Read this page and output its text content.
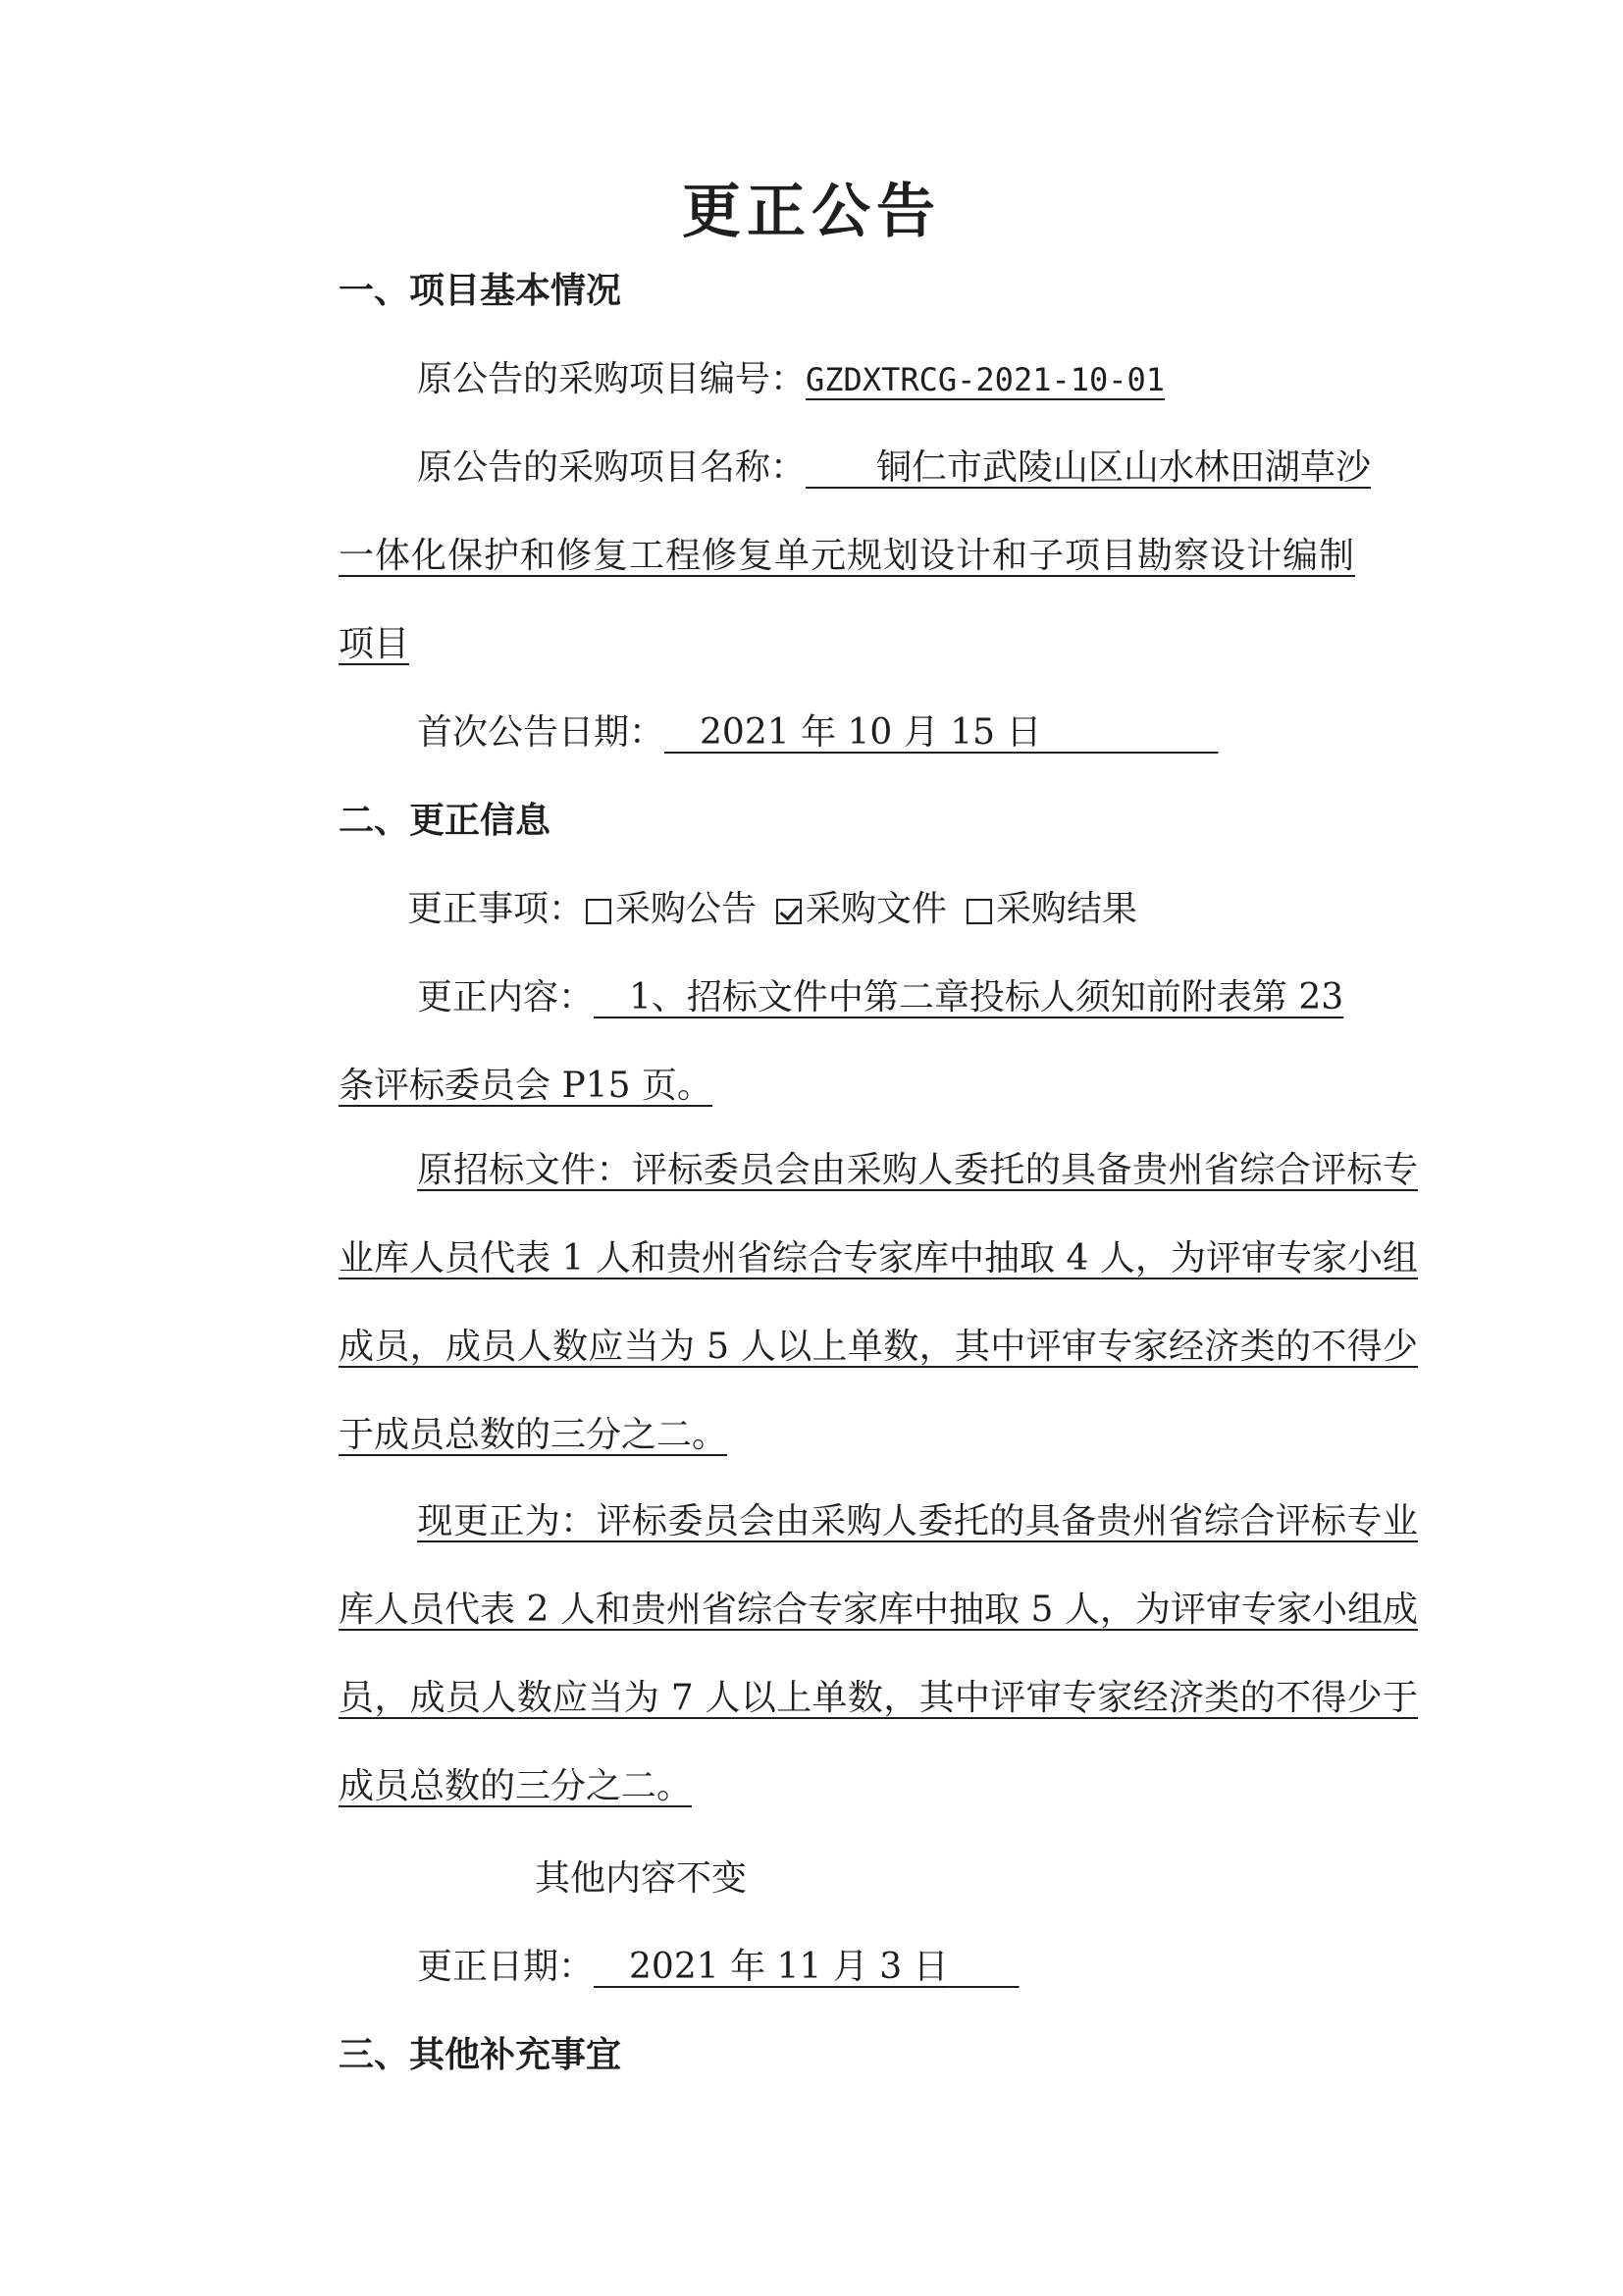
更正公告
一、项目基本情况

原公告的采购项目编号：GZDXTRCG-2021-10-01

原公告的采购项目名称：   铜仁市武陵山区山水林田湖草沙

一体化保护和修复工程修复单元规划设计和子项目勘察设计编制

项目

首次公告日期：  2021 年 10 月 15 日     

二、更正信息

更正事项： 采购公告 采购文件 采购结果

更正内容：  1、招标文件中第二章投标人须知前附表第 23

条评标委员会 P15 页。

原招标文件：评标委员会由采购人委托的具备贵州省综合评标专业库人员代表 1 人和贵州省综合专家库中抽取 4 人，为评审专家小组成员，成员人数应当为 5 人以上单数，其中评审专家经济类的不得少于成员总数的三分之二。

现更正为：评标委员会由采购人委托的具备贵州省综合评标专业库人员代表 2 人和贵州省综合专家库中抽取 5 人，为评审专家小组成员，成员人数应当为 7 人以上单数，其中评审专家经济类的不得少于成员总数的三分之二。

其他内容不变

更正日期：  2021 年 11 月 3 日  

三、其他补充事宜
